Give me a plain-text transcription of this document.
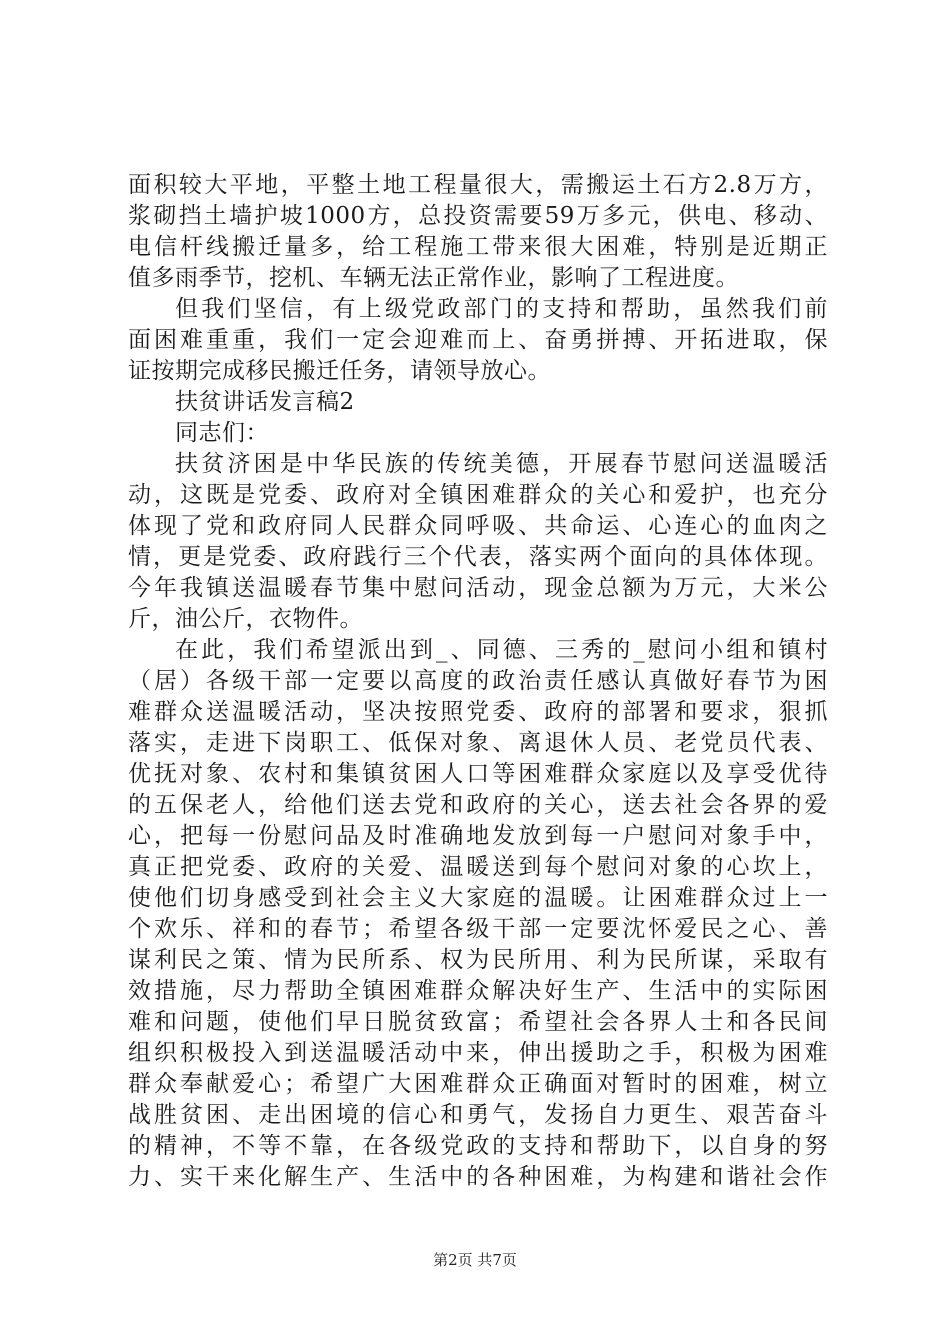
面积较大平地，平整土地工程量很大，需搬运土石方2.8万方，
浆砌挡土墙护坡1000方，总投资需要59万多元，供电、移动、
电信杆线搬迁量多，给工程施工带来很大困难，特别是近期正
值多雨季节，挖机、车辆无法正常作业，影响了工程进度。
但我们坚信，有上级党政部门的支持和帮助，虽然我们前
面困难重重，我们一定会迎难而上、奋勇拼搏、开拓进取，保
证按期完成移民搬迁任务，请领导放心。
扶贫讲话发言稿2
同志们：
扶贫济困是中华民族的传统美德，开展春节慰问送温暖活
动，这既是党委、政府对全镇困难群众的关心和爱护，也充分
体现了党和政府同人民群众同呼吸、共命运、心连心的血肉之
情，更是党委、政府践行三个代表，落实两个面向的具体体现。
今年我镇送温暖春节集中慰问活动，现金总额为万元，大米公
斤，油公斤，衣物件。
在此，我们希望派出到_、同德、三秀的_慰问小组和镇村
（居）各级干部一定要以高度的政治责任感认真做好春节为困
难群众送温暖活动，坚决按照党委、政府的部署和要求，狠抓
落实，走进下岗职工、低保对象、离退休人员、老党员代表、
优抚对象、农村和集镇贫困人口等困难群众家庭以及享受优待
的五保老人，给他们送去党和政府的关心，送去社会各界的爱
心，把每一份慰问品及时准确地发放到每一户慰问对象手中，
真正把党委、政府的关爱、温暖送到每个慰问对象的心坎上，
使他们切身感受到社会主义大家庭的温暖。让困难群众过上一
个欢乐、祥和的春节；希望各级干部一定要沈怀爱民之心、善
谋利民之策、情为民所系、权为民所用、利为民所谋，采取有
效措施，尽力帮助全镇困难群众解决好生产、生活中的实际困
难和问题，使他们早日脱贫致富；希望社会各界人士和各民间
组织积极投入到送温暖活动中来，伸出援助之手，积极为困难
群众奉献爱心；希望广大困难群众正确面对暂时的困难，树立
战胜贫困、走出困境的信心和勇气，发扬自力更生、艰苦奋斗
的精神，不等不靠，在各级党政的支持和帮助下，以自身的努
力、实干来化解生产、生活中的各种困难，为构建和谐社会作
第2页 共7页
